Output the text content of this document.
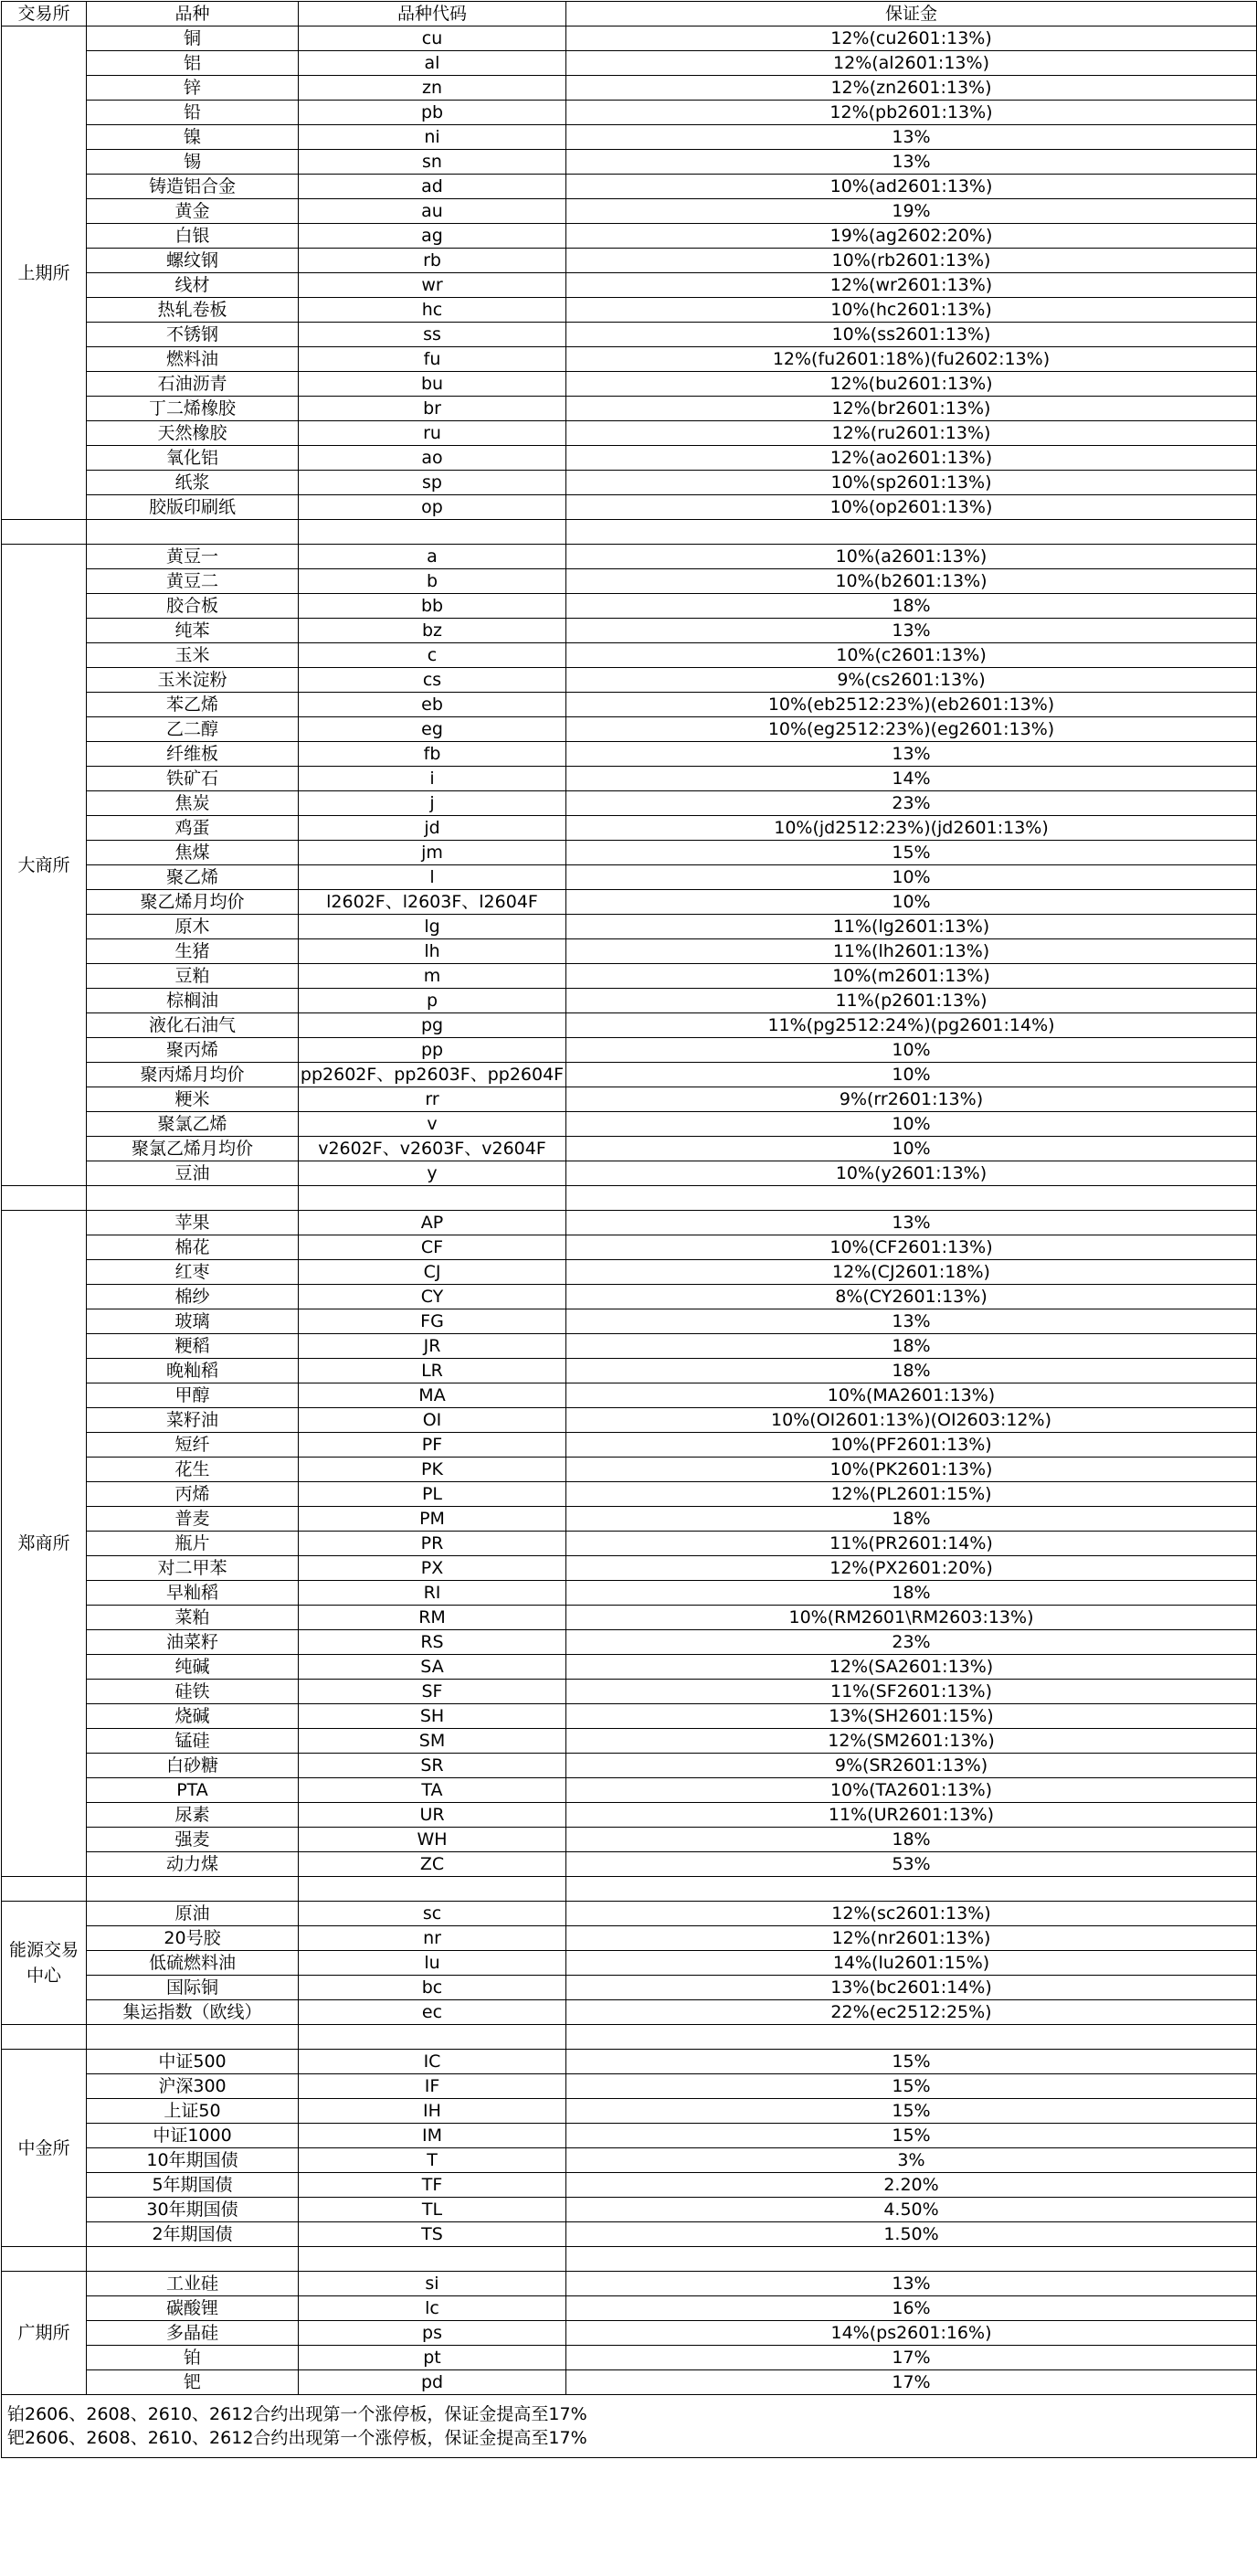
交易所	品种	品种代码	保证金
上期所	铜	cu	12%(cu2601:13%)
	铝	al	12%(al2601:13%)
	锌	zn	12%(zn2601:13%)
	铅	pb	12%(pb2601:13%)
	镍	ni	13%
	锡	sn	13%
	铸造铝合金	ad	10%(ad2601:13%)
	黄金	au	19%
	白银	ag	19%(ag2602:20%)
	螺纹钢	rb	10%(rb2601:13%)
	线材	wr	12%(wr2601:13%)
	热轧卷板	hc	10%(hc2601:13%)
	不锈钢	ss	10%(ss2601:13%)
	燃料油	fu	12%(fu2601:18%)(fu2602:13%)
	石油沥青	bu	12%(bu2601:13%)
	丁二烯橡胶	br	12%(br2601:13%)
	天然橡胶	ru	12%(ru2601:13%)
	氧化铝	ao	12%(ao2601:13%)
	纸浆	sp	10%(sp2601:13%)
	胶版印刷纸	op	10%(op2601:13%)

大商所	黄豆一	a	10%(a2601:13%)
	黄豆二	b	10%(b2601:13%)
	胶合板	bb	18%
	纯苯	bz	13%
	玉米	c	10%(c2601:13%)
	玉米淀粉	cs	9%(cs2601:13%)
	苯乙烯	eb	10%(eb2512:23%)(eb2601:13%)
	乙二醇	eg	10%(eg2512:23%)(eg2601:13%)
	纤维板	fb	13%
	铁矿石	i	14%
	焦炭	j	23%
	鸡蛋	jd	10%(jd2512:23%)(jd2601:13%)
	焦煤	jm	15%
	聚乙烯	l	10%
	聚乙烯月均价	l2602F、l2603F、l2604F	10%
	原木	lg	11%(lg2601:13%)
	生猪	lh	11%(lh2601:13%)
	豆粕	m	10%(m2601:13%)
	棕榈油	p	11%(p2601:13%)
	液化石油气	pg	11%(pg2512:24%)(pg2601:14%)
	聚丙烯	pp	10%
	聚丙烯月均价	pp2602F、pp2603F、pp2604F	10%
	粳米	rr	9%(rr2601:13%)
	聚氯乙烯	v	10%
	聚氯乙烯月均价	v2602F、v2603F、v2604F	10%
	豆油	y	10%(y2601:13%)

郑商所	苹果	AP	13%
	棉花	CF	10%(CF2601:13%)
	红枣	CJ	12%(CJ2601:18%)
	棉纱	CY	8%(CY2601:13%)
	玻璃	FG	13%
	粳稻	JR	18%
	晚籼稻	LR	18%
	甲醇	MA	10%(MA2601:13%)
	菜籽油	OI	10%(OI2601:13%)(OI2603:12%)
	短纤	PF	10%(PF2601:13%)
	花生	PK	10%(PK2601:13%)
	丙烯	PL	12%(PL2601:15%)
	普麦	PM	18%
	瓶片	PR	11%(PR2601:14%)
	对二甲苯	PX	12%(PX2601:20%)
	早籼稻	RI	18%
	菜粕	RM	10%(RM2601\RM2603:13%)
	油菜籽	RS	23%
	纯碱	SA	12%(SA2601:13%)
	硅铁	SF	11%(SF2601:13%)
	烧碱	SH	13%(SH2601:15%)
	锰硅	SM	12%(SM2601:13%)
	白砂糖	SR	9%(SR2601:13%)
	PTA	TA	10%(TA2601:13%)
	尿素	UR	11%(UR2601:13%)
	强麦	WH	18%
	动力煤	ZC	53%

能源交易中心	原油	sc	12%(sc2601:13%)
	20号胶	nr	12%(nr2601:13%)
	低硫燃料油	lu	14%(lu2601:15%)
	国际铜	bc	13%(bc2601:14%)
	集运指数（欧线）	ec	22%(ec2512:25%)

中金所	中证500	IC	15%
	沪深300	IF	15%
	上证50	IH	15%
	中证1000	IM	15%
	10年期国债	T	3%
	5年期国债	TF	2.20%
	30年期国债	TL	4.50%
	2年期国债	TS	1.50%

广期所	工业硅	si	13%
	碳酸锂	lc	16%
	多晶硅	ps	14%(ps2601:16%)
	铂	pt	17%
	钯	pd	17%
铂2606、2608、2610、2612合约出现第一个涨停板，保证金提高至17%			
钯2606、2608、2610、2612合约出现第一个涨停板，保证金提高至17%			
